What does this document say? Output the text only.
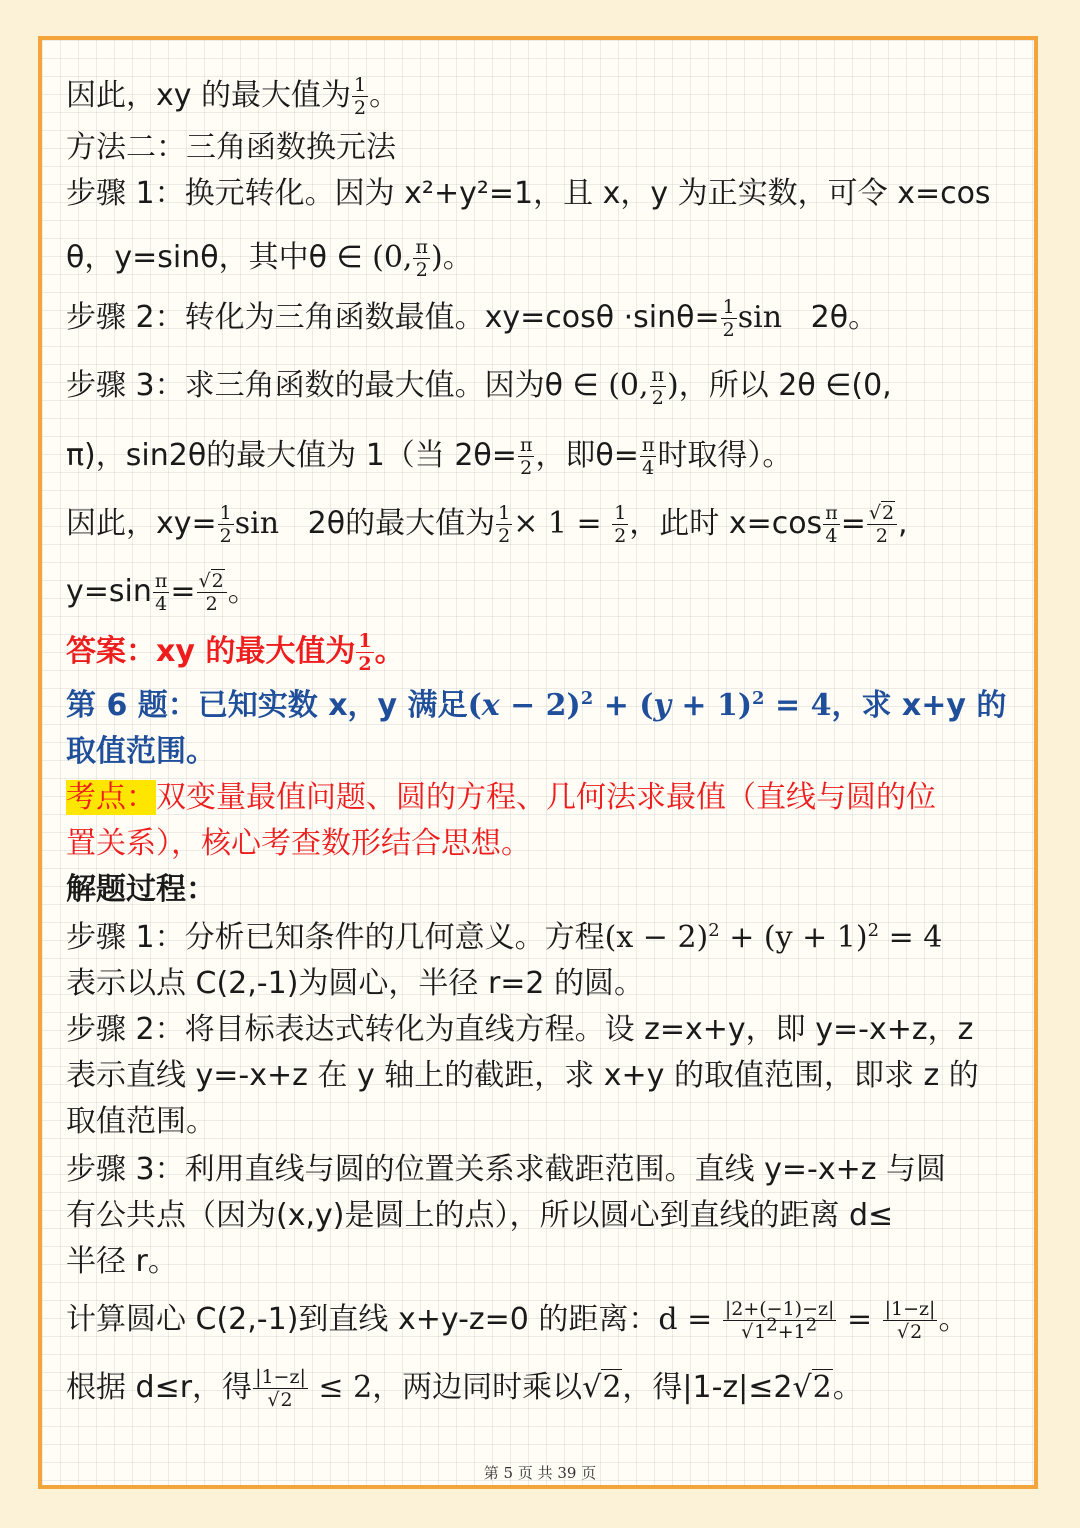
因此，xy 的最大值为 $\frac{1}{2}$ 。
方法二：三角函数换元法
步骤 1：换元转化。因为 x²+y²=1，且 x，y 为正实数，可令 x=cos
θ，y=sinθ，其中θ ∈ (0, $\frac{\pi}{2}$ )。
步骤 2：转化为三角函数最值。$xy=\cos\theta \cdot\sin\theta= \frac{1}{2}$ sin   2θ。
步骤 3：求三角函数的最大值。因为θ ∈ (0, $\frac{\pi}{2}$ )，所以 2θ ∈(0,
π)，sin2θ的最大值为 1（当 $2\theta= \frac{\pi}{2}$ ，即$\theta= \frac{\pi}{4}$ 时取得）。
因此，$xy= \frac{1}{2}$ sin 2θ的最大值为 $\frac{1}{2} \times 1 = \frac{1}{2}$ ，此时 $x=\cos \frac{\pi}{4} = \frac{√2}{2}$ ,
$y=\sin \frac{\pi}{4} = \frac{√2}{2}$ 。
答案：xy 的最大值为 $\frac{1}{2}$ 。
第 6 题：已知实数 x，y 满足$(x - 2)^2 + (y + 1)^2 = 4$，求 x+y 的
取值范围。
考点：双变量最值问题、圆的方程、几何法求最值（直线与圆的位
置关系），核心考查数形结合思想。
解题过程：
步骤 1：分析已知条件的几何意义。方程$(x - 2)^2 + (y + 1)^2 = 4$
表示以点 C(2,-1)为圆心，半径 r=2 的圆。
步骤 2：将目标表达式转化为直线方程。设 z=x+y，即 y=-x+z，z
表示直线 y=-x+z 在 y 轴上的截距，求 x+y 的取值范围，即求 z 的
取值范围。
步骤 3：利用直线与圆的位置关系求截距范围。直线 y=-x+z 与圆
有公共点（因为(x,y)是圆上的点），所以圆心到直线的距离 d≤
半径 r。
计算圆心 C(2,-1)到直线 x+y-z=0 的距离：$d = \frac{|2+(-1)-z|}{√1^2+1^2} = \frac{|1-z|}{√2}$ 。
根据 d≤r，得 $\frac{|1-z|}{√2} \le 2$，两边同时乘以√2，得|1-z|≤2√2。
第 5 页 共 39 页
